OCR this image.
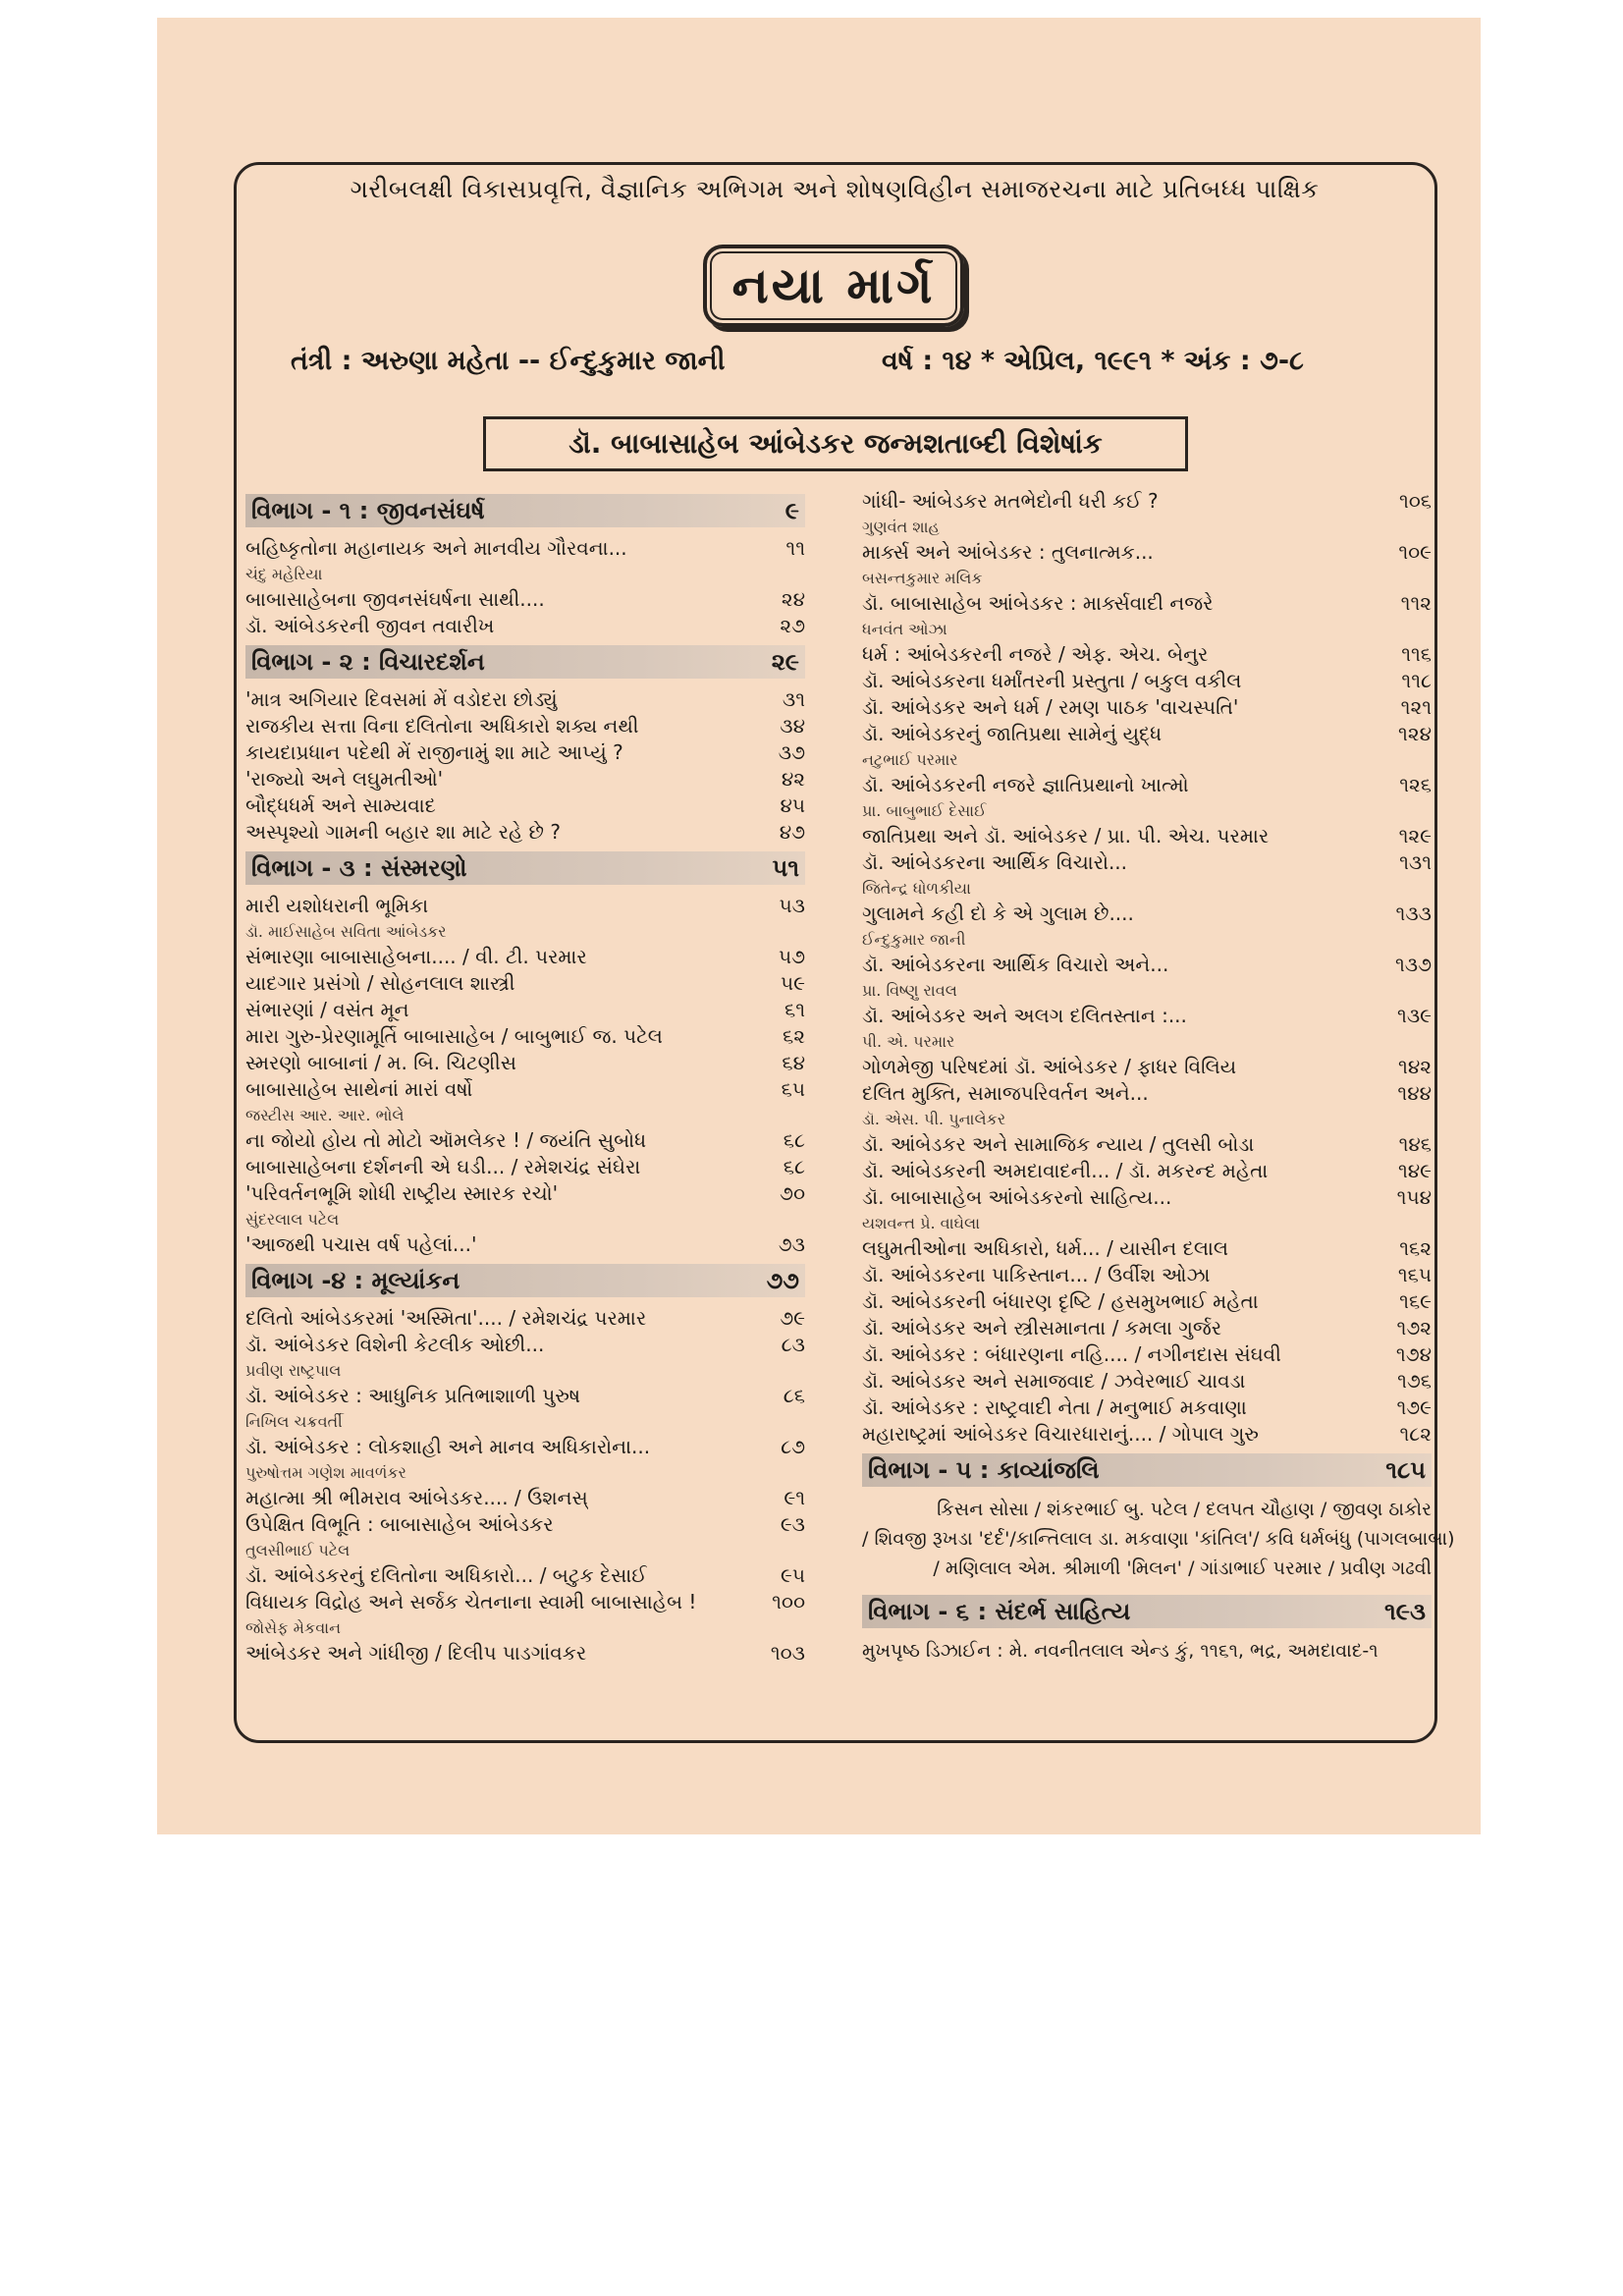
ગરીબલક્ષી વિકાસપ્રવૃત્તિ, વૈજ્ઞાનિક અભિગમ અને શોષણવિહીન સમાજરચના માટે પ્રતિબધ્ધ પાક્ષિક
નયા માર્ગ
તંત્રી : અરુણા મહેતા -- ઈન્દુકુમાર જાની	વર્ષ : ૧૪ * એપ્રિલ, ૧૯૯૧ * અંક : ૭-૮
ડૉ. બાબાસાહેબ આંબેડકર જન્મશતાબ્દી વિશેષાંક
વિભાગ - ૧ : જીવનસંઘર્ષ	૯
બહિષ્કૃતોના મહાનાયક અને માનવીય ગૌરવના...	૧૧
ચંદુ મહેરિયા
બાબાસાહેબના જીવનસંઘર્ષના સાથી....	૨૪
ડૉ. આંબેડકરની જીવન તવારીખ	૨૭
વિભાગ - ૨ : વિચારદર્શન	૨૯
'માત્ર અગિયાર દિવસમાં મેં વડોદરા છોડ્યું	૩૧
રાજકીય સત્તા વિના દલિતોના અધિકારો શક્ય નથી	૩૪
કાયદાપ્રધાન પદેથી મેં રાજીનામું શા માટે આપ્યું ?	૩૭
'રાજ્યો અને લઘુમતીઓ'	૪૨
બૌદ્ધધર્મ અને સામ્યવાદ	૪૫
અસ્પૃશ્યો ગામની બહાર શા માટે રહે છે ?	૪૭
વિભાગ - ૩ : સંસ્મરણો	૫૧
મારી યશોધરાની ભૂમિકા	૫૩
ડૉ. માઈસાહેબ સવિતા આંબેડકર
સંભારણા બાબાસાહેબના.... / વી. ટી. પરમાર	૫૭
યાદગાર પ્રસંગો / સોહનલાલ શાસ્ત્રી	૫૯
સંભારણાં / વસંત મૂન	૬૧
મારા ગુરુ-પ્રેરણામૂર્તિ બાબાસાહેબ / બાબુભાઈ જ. પટેલ	૬૨
સ્મરણો બાબાનાં / મ. બિ. ચિટણીસ	૬૪
બાબાસાહેબ સાથેનાં મારાં વર્ષો	૬૫
જસ્ટીસ આર. આર. ભોલે
ના જોયો હોય તો મોટો ઑમલેકર ! / જયંતિ સુબોધ	૬૮
બાબાસાહેબના દર્શનની એ ઘડી... / રમેશચંદ્ર સંઘેરા	૬૮
'પરિવર્તનભૂમિ શોધી રાષ્ટ્રીય સ્મારક રચો'	૭૦
સુંદરલાલ પટેલ
'આજથી પચાસ વર્ષ પહેલાં...'	૭૩
વિભાગ -૪ : મૂલ્યાંકન	૭૭
દલિતો આંબેડકરમાં 'અસ્મિતા'.... / રમેશચંદ્ર પરમાર	૭૯
ડૉ. આંબેડકર વિશેની કેટલીક ઓછી...	૮૩
પ્રવીણ રાષ્ટ્રપાલ
ડૉ. આંબેડકર : આધુનિક પ્રતિભાશાળી પુરુષ	૮૬
નિખિલ ચક્રવર્તી
ડૉ. આંબેડકર : લોકશાહી અને માનવ અધિકારોના...	૮૭
પુરુષોત્તમ ગણેશ માવળંકર
મહાત્મા શ્રી ભીમરાવ આંબેડકર.... / ઉશનસ્	૯૧
ઉપેક્ષિત વિભૂતિ : બાબાસાહેબ આંબેડકર	૯૩
તુલસીભાઈ પટેલ
ડૉ. આંબેડકરનું દલિતોના અધિકારો... / બટુક દેસાઈ	૯૫
વિધાયક વિદ્રોહ અને સર્જક ચેતનાના સ્વામી બાબાસાહેબ !	૧૦૦
જોસેફ મેકવાન
આંબેડકર અને ગાંધીજી / દિલીપ પાડગાંવકર	૧૦૩
ગાંધી- આંબેડકર મતભેદોની ધરી કઈ ?	૧૦૬
ગુણવંત શાહ
માર્ક્સ અને આંબેડકર : તુલનાત્મક...	૧૦૯
બસન્તકુમાર મલિક
ડૉ. બાબાસાહેબ આંબેડકર : માર્ક્સવાદી નજરે	૧૧૨
ધનવંત ઓઝા
ધર્મ : આંબેડકરની નજરે / એફ. એચ. બેનુર	૧૧૬
ડૉ. આંબેડકરના ધર્માંતરની પ્રસ્તુતા / બકુલ વકીલ	૧૧૮
ડૉ. આંબેડકર અને ધર્મ / રમણ પાઠક 'વાચસ્પતિ'	૧૨૧
ડૉ. આંબેડકરનું જાતિપ્રથા સામેનું યુદ્ધ	૧૨૪
નટુભાઈ પરમાર
ડૉ. આંબેડકરની નજરે જ્ઞાતિપ્રથાનો ખાત્મો	૧૨૬
પ્રા. બાબુભાઈ દેસાઈ
જાતિપ્રથા અને ડૉ. આંબેડકર / પ્રા. પી. એચ. પરમાર	૧૨૯
ડૉ. આંબેડકરના આર્થિક વિચારો...	૧૩૧
જિતેન્દ્ર ધોળકીયા
ગુલામને કહી દો કે એ ગુલામ છે....	૧૩૩
ઈન્દુકુમાર જાની
ડૉ. આંબેડકરના આર્થિક વિચારો અને...	૧૩૭
પ્રા. વિષ્ણુ રાવલ
ડૉ. આંબેડકર અને અલગ દલિતસ્તાન :...	૧૩૯
પી. એ. પરમાર
ગોળમેજી પરિષદમાં ડૉ. આંબેડકર / ફાધર વિલિય	૧૪૨
દલિત મુક્તિ, સમાજપરિવર્તન અને...	૧૪૪
ડૉ. એસ. પી. પુનાલેકર
ડૉ. આંબેડકર અને સામાજિક ન્યાય / તુલસી બોડા	૧૪૬
ડૉ. આંબેડકરની અમદાવાદની... / ડૉ. મકરન્દ મહેતા	૧૪૯
ડૉ. બાબાસાહેબ આંબેડકરનો સાહિત્ય...	૧૫૪
યશવન્ત પ્રે. વાઘેલા
લઘુમતીઓના અધિકારો, ધર્મ... / યાસીન દલાલ	૧૬૨
ડૉ. આંબેડકરના પાકિસ્તાન... / ઉર્વીશ ઓઝા	૧૬૫
ડૉ. આંબેડકરની બંધારણ દૃષ્ટિ / હસમુખભાઈ મહેતા	૧૬૯
ડૉ. આંબેડકર અને સ્ત્રીસમાનતા / કમલા ગુર્જર	૧૭૨
ડૉ. આંબેડકર : બંધારણના નહિ.... / નગીનદાસ સંઘવી	૧૭૪
ડૉ. આંબેડકર અને સમાજવાદ / ઝવેરભાઈ ચાવડા	૧૭૬
ડૉ. આંબેડકર : રાષ્ટ્રવાદી નેતા / મનુભાઈ મકવાણા	૧૭૯
મહારાષ્ટ્રમાં આંબેડકર વિચારધારાનું.... / ગોપાલ ગુરુ	૧૮૨
વિભાગ - ૫ : કાવ્યાંજલિ	૧૮૫
કિસન સોસા / શંકરભાઈ બુ. પટેલ / દલપત ચૌહાણ / જીવણ ઠાકોર
/ શિવજી રૂખડા 'દર્દ'/કાન્તિલાલ ડા. મકવાણા 'કાંતિલ'/ કવિ ધર્મબંધુ (પાગલબાબા)
/ મણિલાલ એમ. શ્રીમાળી 'મિલન' / ગાંડાભાઈ પરમાર / પ્રવીણ ગઢવી
વિભાગ - ૬ : સંદર્ભ સાહિત્ય	૧૯૩
મુખપૃષ્ઠ ડિઝાઈન : મે. નવનીતલાલ એન્ડ કું, ૧૧૬૧, ભદ્ર, અમદાવાદ-૧
